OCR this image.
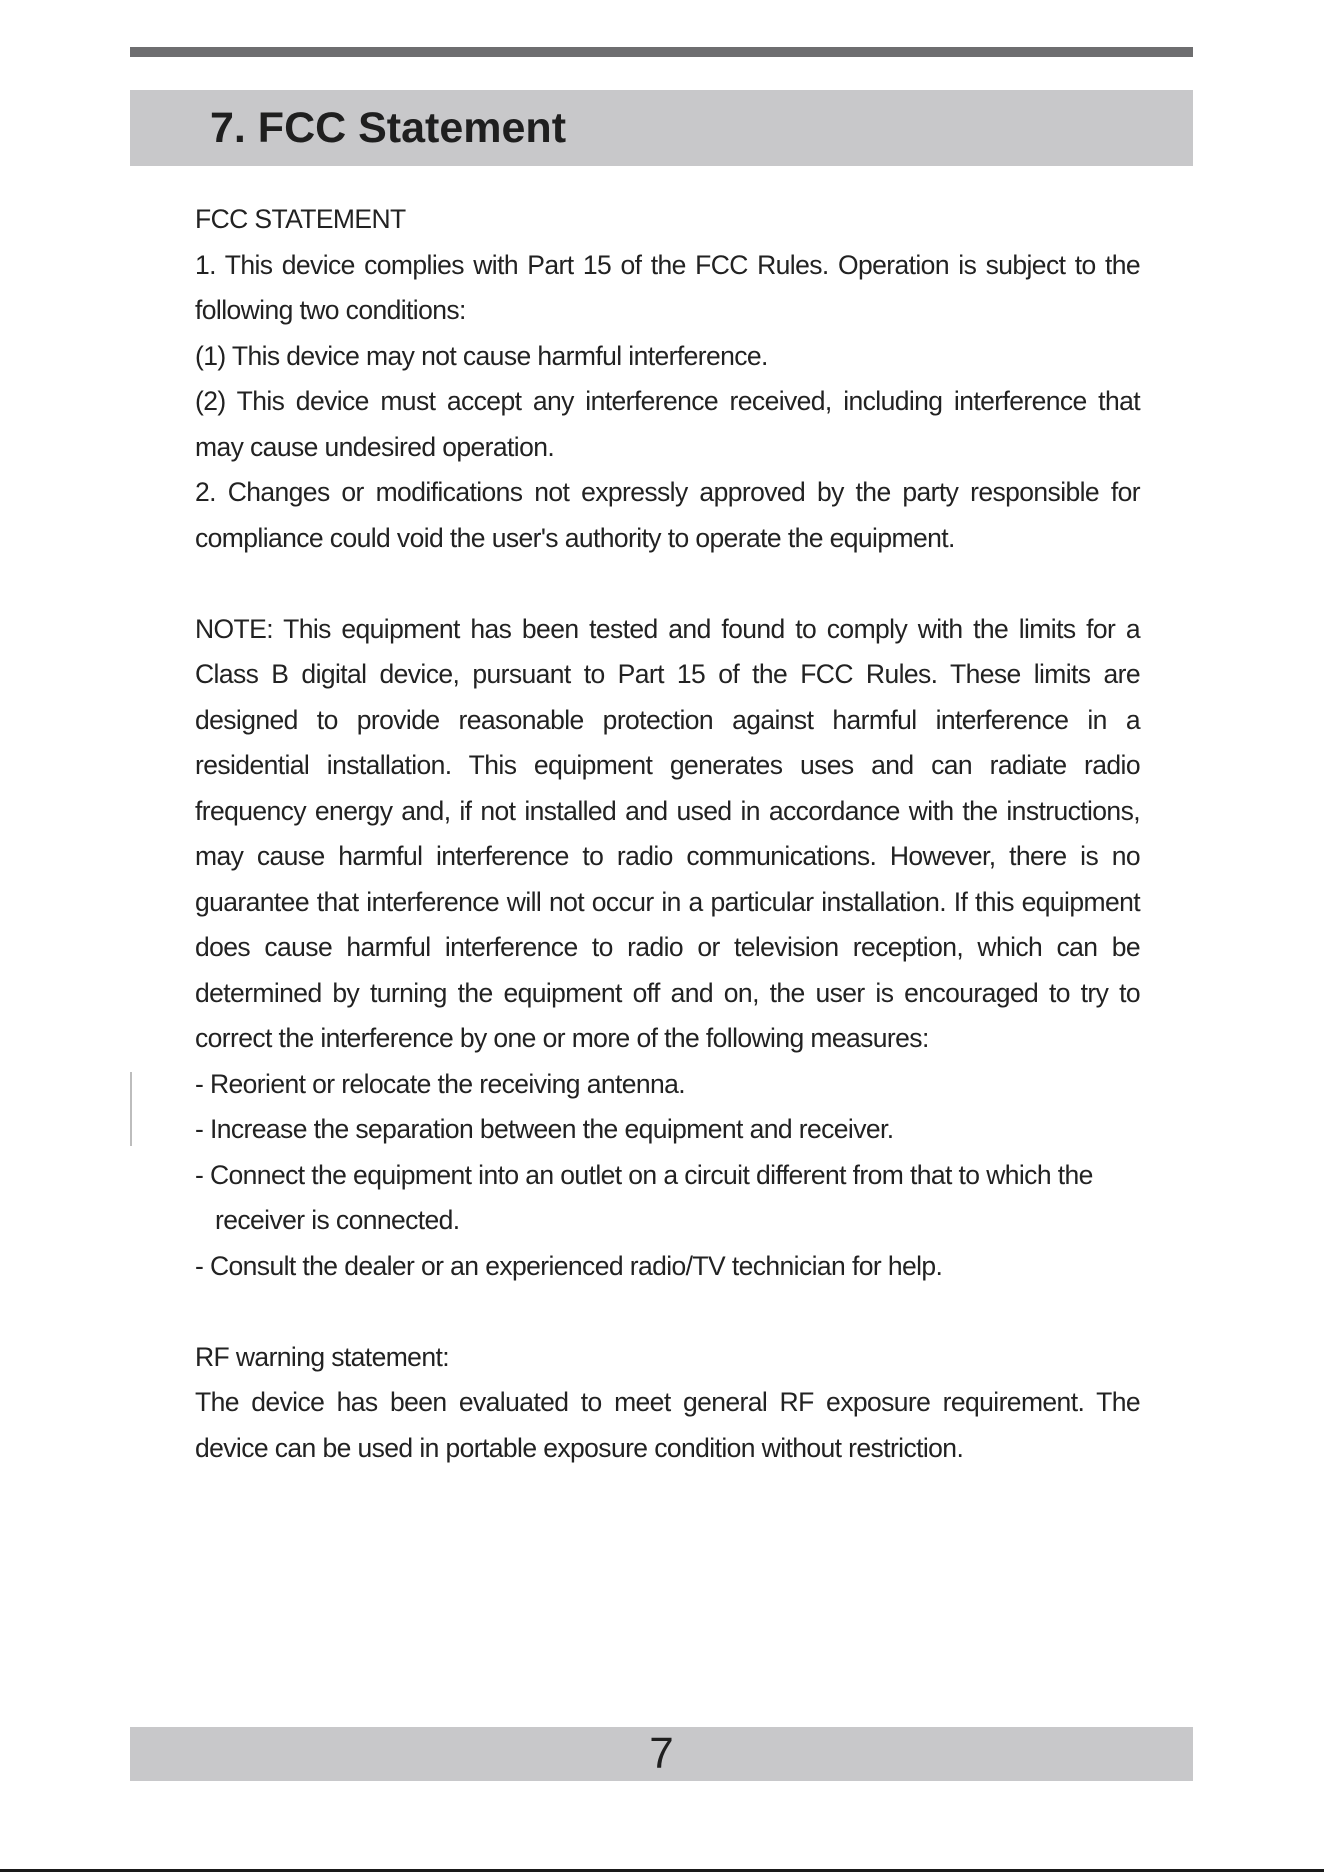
7. FCC Statement

FCC STATEMENT

1. This device complies with Part 15 of the FCC Rules. Operation is subject to the following two conditions:

(1) This device may not cause harmful interference.

(2) This device must accept any interference received, including interference that may cause undesired operation.

2. Changes or modifications not expressly approved by the party responsible for compliance could void the user's authority to operate the equipment.

NOTE: This equipment has been tested and found to comply with the limits for a Class B digital device, pursuant to Part 15 of the FCC Rules. These limits are designed to provide reasonable protection against harmful interference in a residential installation. This equipment generates uses and can radiate radio frequency energy and, if not installed and used in accordance with the instructions, may cause harmful interference to radio communications. However, there is no guarantee that interference will not occur in a particular installation. If this equipment does cause harmful interference to radio or television reception, which can be determined by turning the equipment off and on, the user is encouraged to try to correct the interference by one or more of the following measures:

- Reorient or relocate the receiving antenna.

- Increase the separation between the equipment and receiver.

- Connect the equipment into an outlet on a circuit different from that to which the

receiver is connected.

- Consult the dealer or an experienced radio/TV technician for help.

RF warning statement:

The device has been evaluated to meet general RF exposure requirement. The device can be used in portable exposure condition without restriction.

7
